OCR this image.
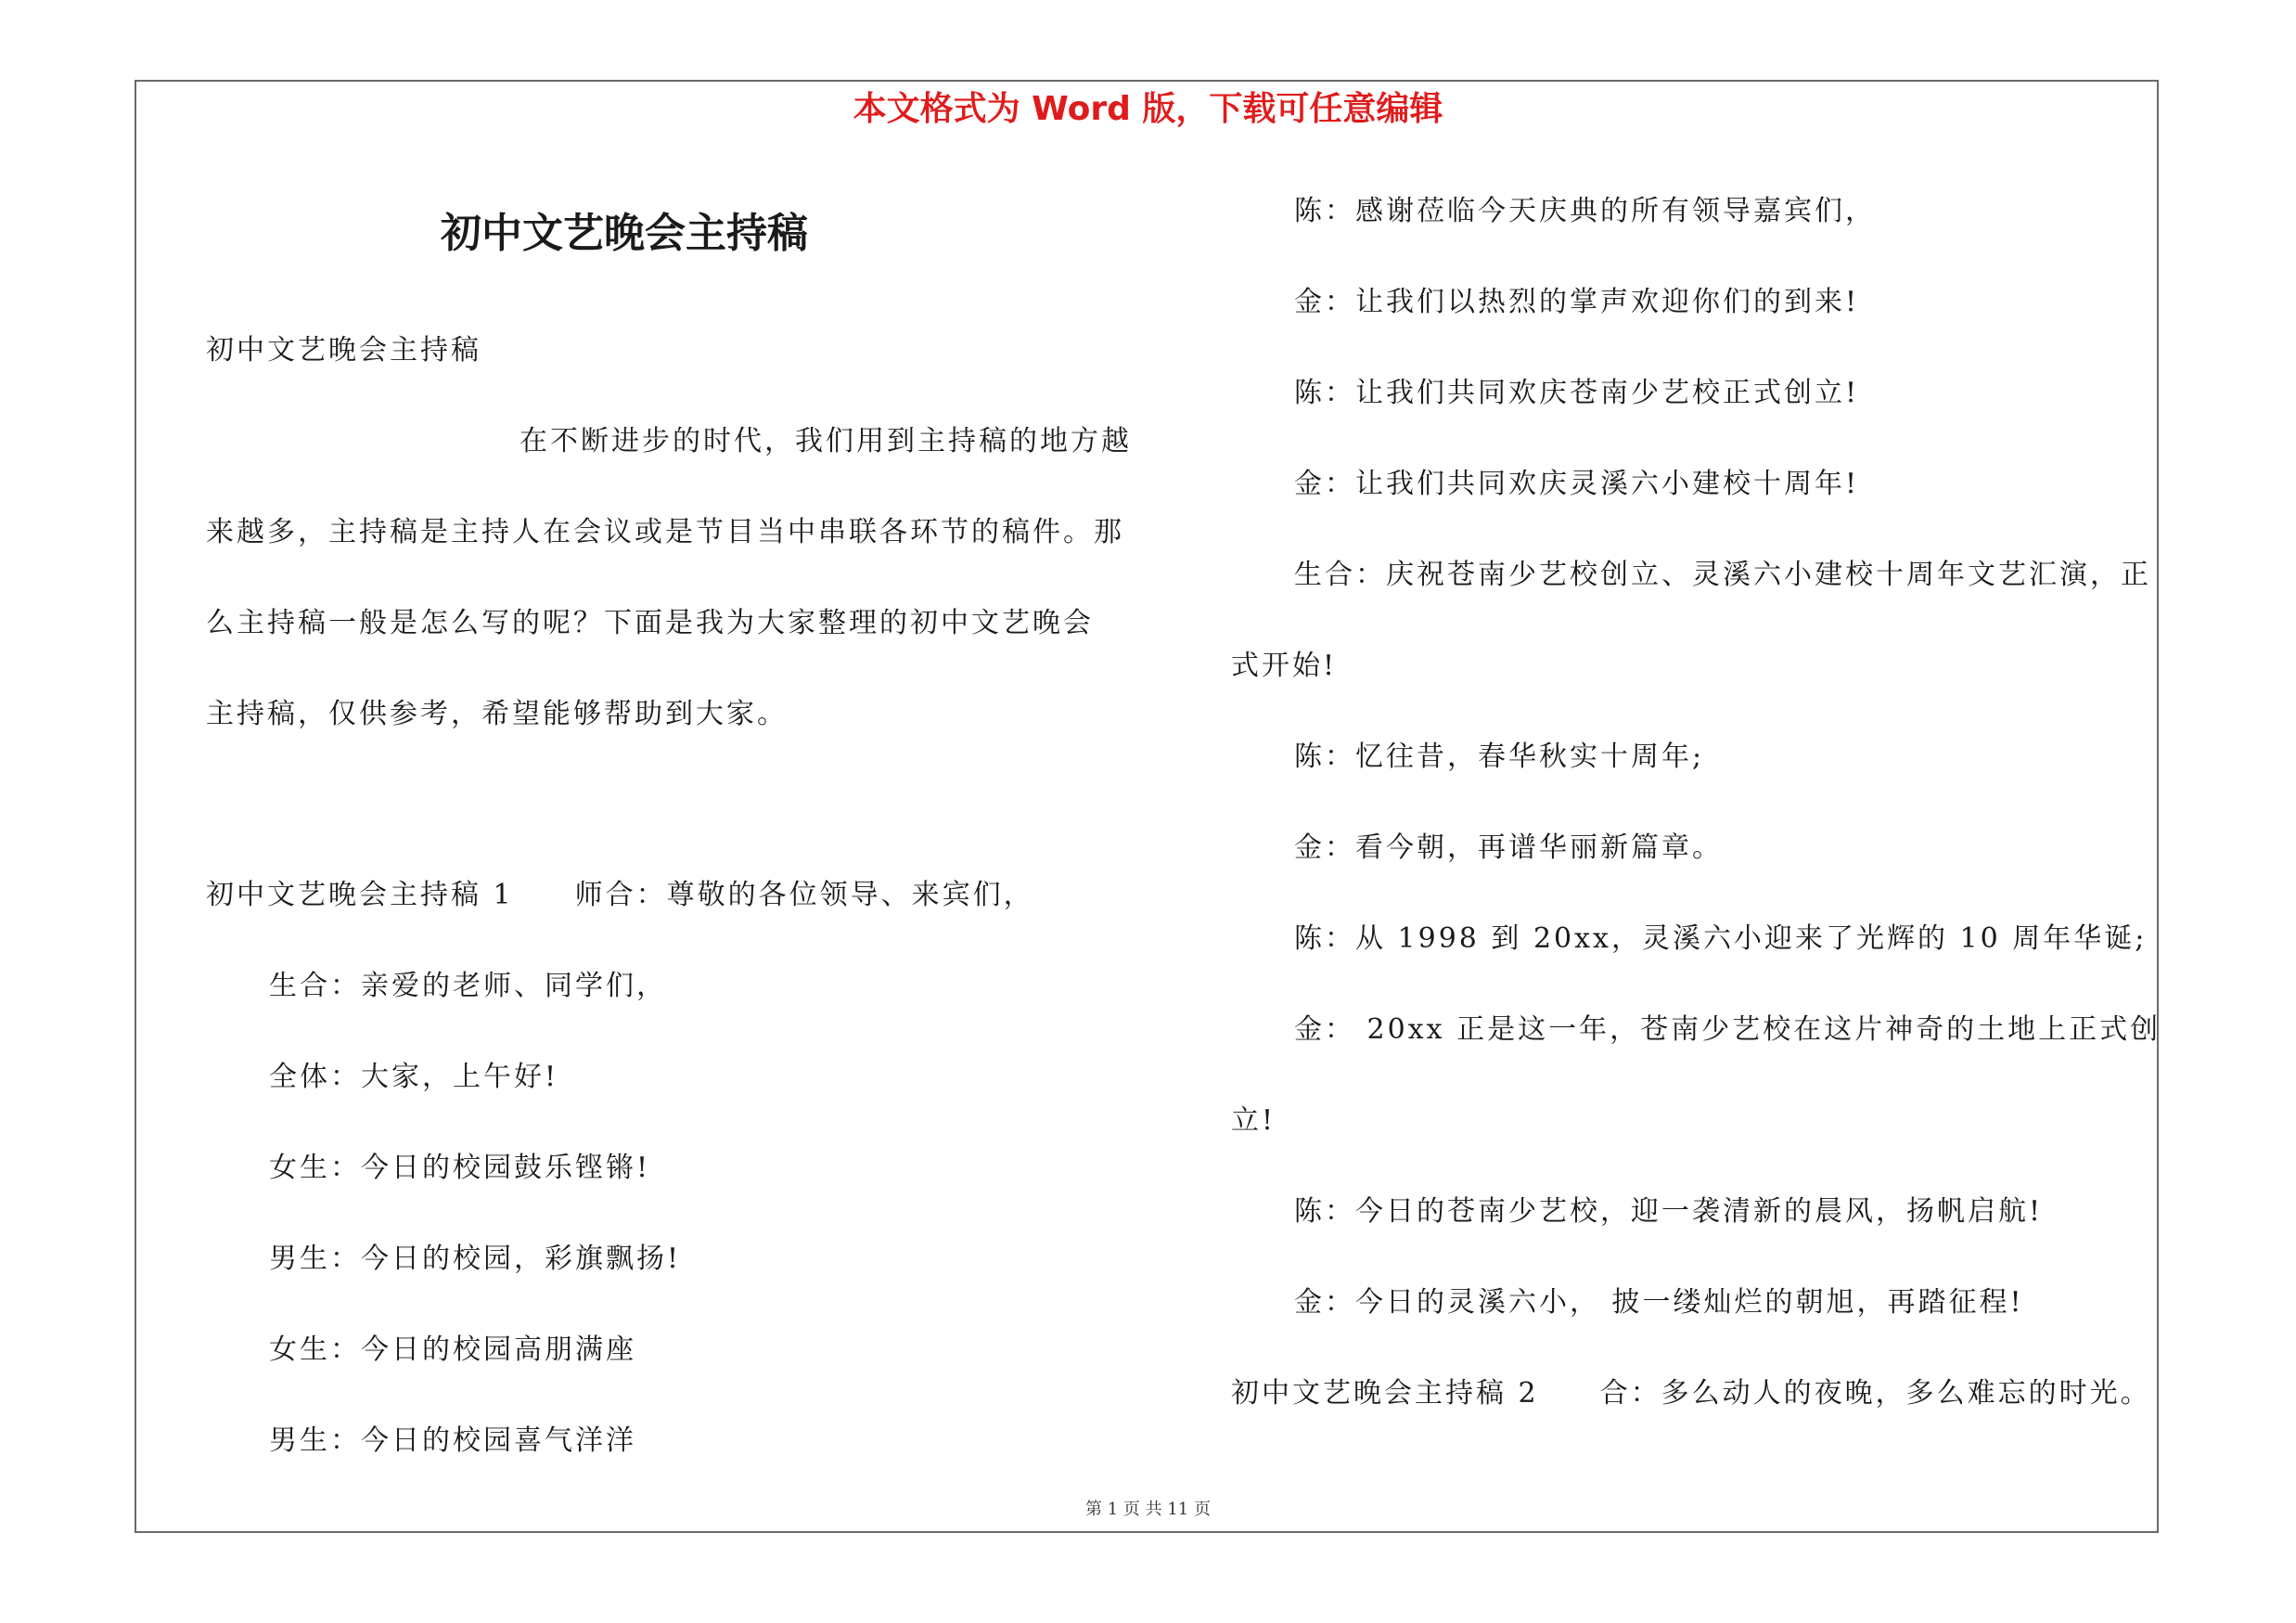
本文格式为 Word 版，下载可任意编辑
初中文艺晚会主持稿
初中文艺晚会主持稿
在不断进步的时代，我们用到主持稿的地方越
来越多，主持稿是主持人在会议或是节目当中串联各环节的稿件。那
么主持稿一般是怎么写的呢？下面是我为大家整理的初中文艺晚会
主持稿，仅供参考，希望能够帮助到大家。
初中文艺晚会主持稿 1　　师合：尊敬的各位领导、来宾们，
生合：亲爱的老师、同学们，
全体：大家，上午好!
女生：今日的校园鼓乐铿锵!
男生：今日的校园，彩旗飘扬!
女生：今日的校园高朋满座
男生：今日的校园喜气洋洋
陈：感谢莅临今天庆典的所有领导嘉宾们，
金：让我们以热烈的掌声欢迎你们的到来!
陈：让我们共同欢庆苍南少艺校正式创立!
金：让我们共同欢庆灵溪六小建校十周年!
生合：庆祝苍南少艺校创立、灵溪六小建校十周年文艺汇演，正
式开始!
陈：忆往昔，春华秋实十周年;
金：看今朝，再谱华丽新篇章。
陈：从 1998 到 20xx，灵溪六小迎来了光辉的 10 周年华诞;
金： 20xx 正是这一年，苍南少艺校在这片神奇的土地上正式创
立!
陈：今日的苍南少艺校，迎一袭清新的晨风，扬帆启航!
金：今日的灵溪六小， 披一缕灿烂的朝旭，再踏征程!
初中文艺晚会主持稿 2　　合：多么动人的夜晚，多么难忘的时光。
第 1 页 共 11 页
